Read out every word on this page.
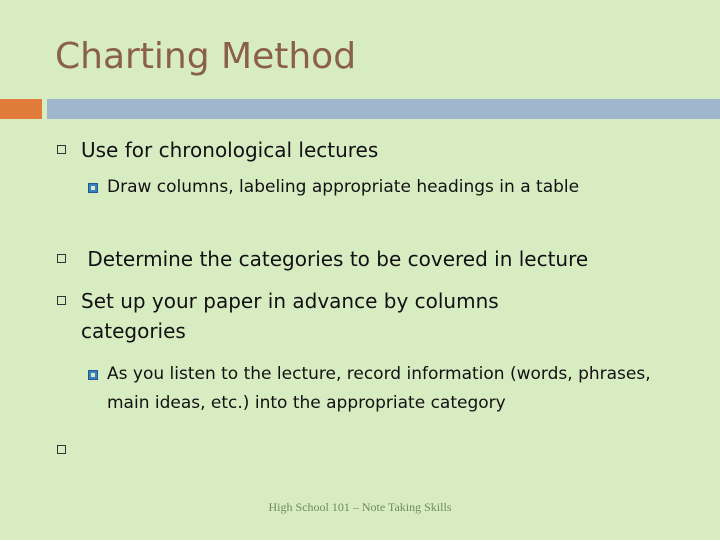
Charting Method
Use for chronological lectures
Draw columns, labeling appropriate headings in a table
Determine the categories to be covered in lecture
Set up your paper in advance by columns categories
As you listen to the lecture, record information (words, phrases, main ideas, etc.) into the appropriate category
High School 101 – Note Taking Skills
